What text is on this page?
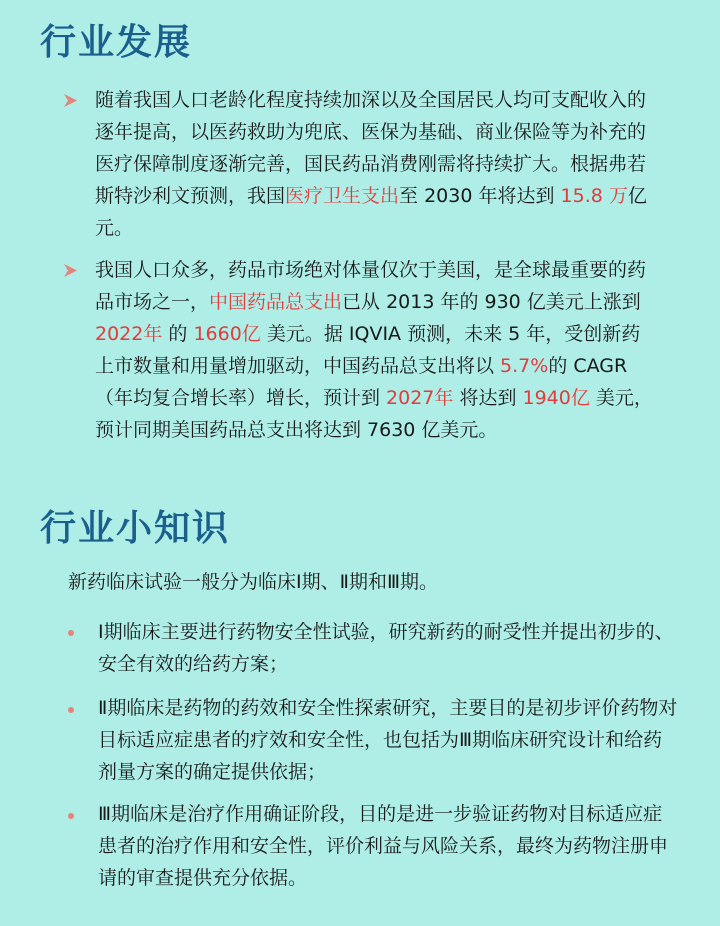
行业发展

随着我国人口老龄化程度持续加深以及全国居民人均可支配收入的逐年提高，以医药救助为兜底、医保为基础、商业保险等为补充的医疗保障制度逐渐完善，国民药品消费刚需将持续扩大。根据弗若斯特沙利文预测，我国医疗卫生支出至 2030 年将达到 15.8 万亿元。

我国人口众多，药品市场绝对体量仅次于美国，是全球最重要的药品市场之一，中国药品总支出已从 2013 年的 930 亿美元上涨到 2022年 的 1660亿 美元。据 IQVIA 预测，未来 5 年，受创新药上市数量和用量增加驱动，中国药品总支出将以 5.7%的 CAGR（年均复合增长率）增长，预计到 2027年 将达到 1940亿 美元，预计同期美国药品总支出将达到 7630 亿美元。

行业小知识

新药临床试验一般分为临床Ⅰ期、Ⅱ期和Ⅲ期。

Ⅰ期临床主要进行药物安全性试验，研究新药的耐受性并提出初步的、安全有效的给药方案；

Ⅱ期临床是药物的药效和安全性探索研究，主要目的是初步评价药物对目标适应症患者的疗效和安全性，也包括为Ⅲ期临床研究设计和给药剂量方案的确定提供依据；

Ⅲ期临床是治疗作用确证阶段，目的是进一步验证药物对目标适应症患者的治疗作用和安全性，评价利益与风险关系，最终为药物注册申请的审查提供充分依据。
